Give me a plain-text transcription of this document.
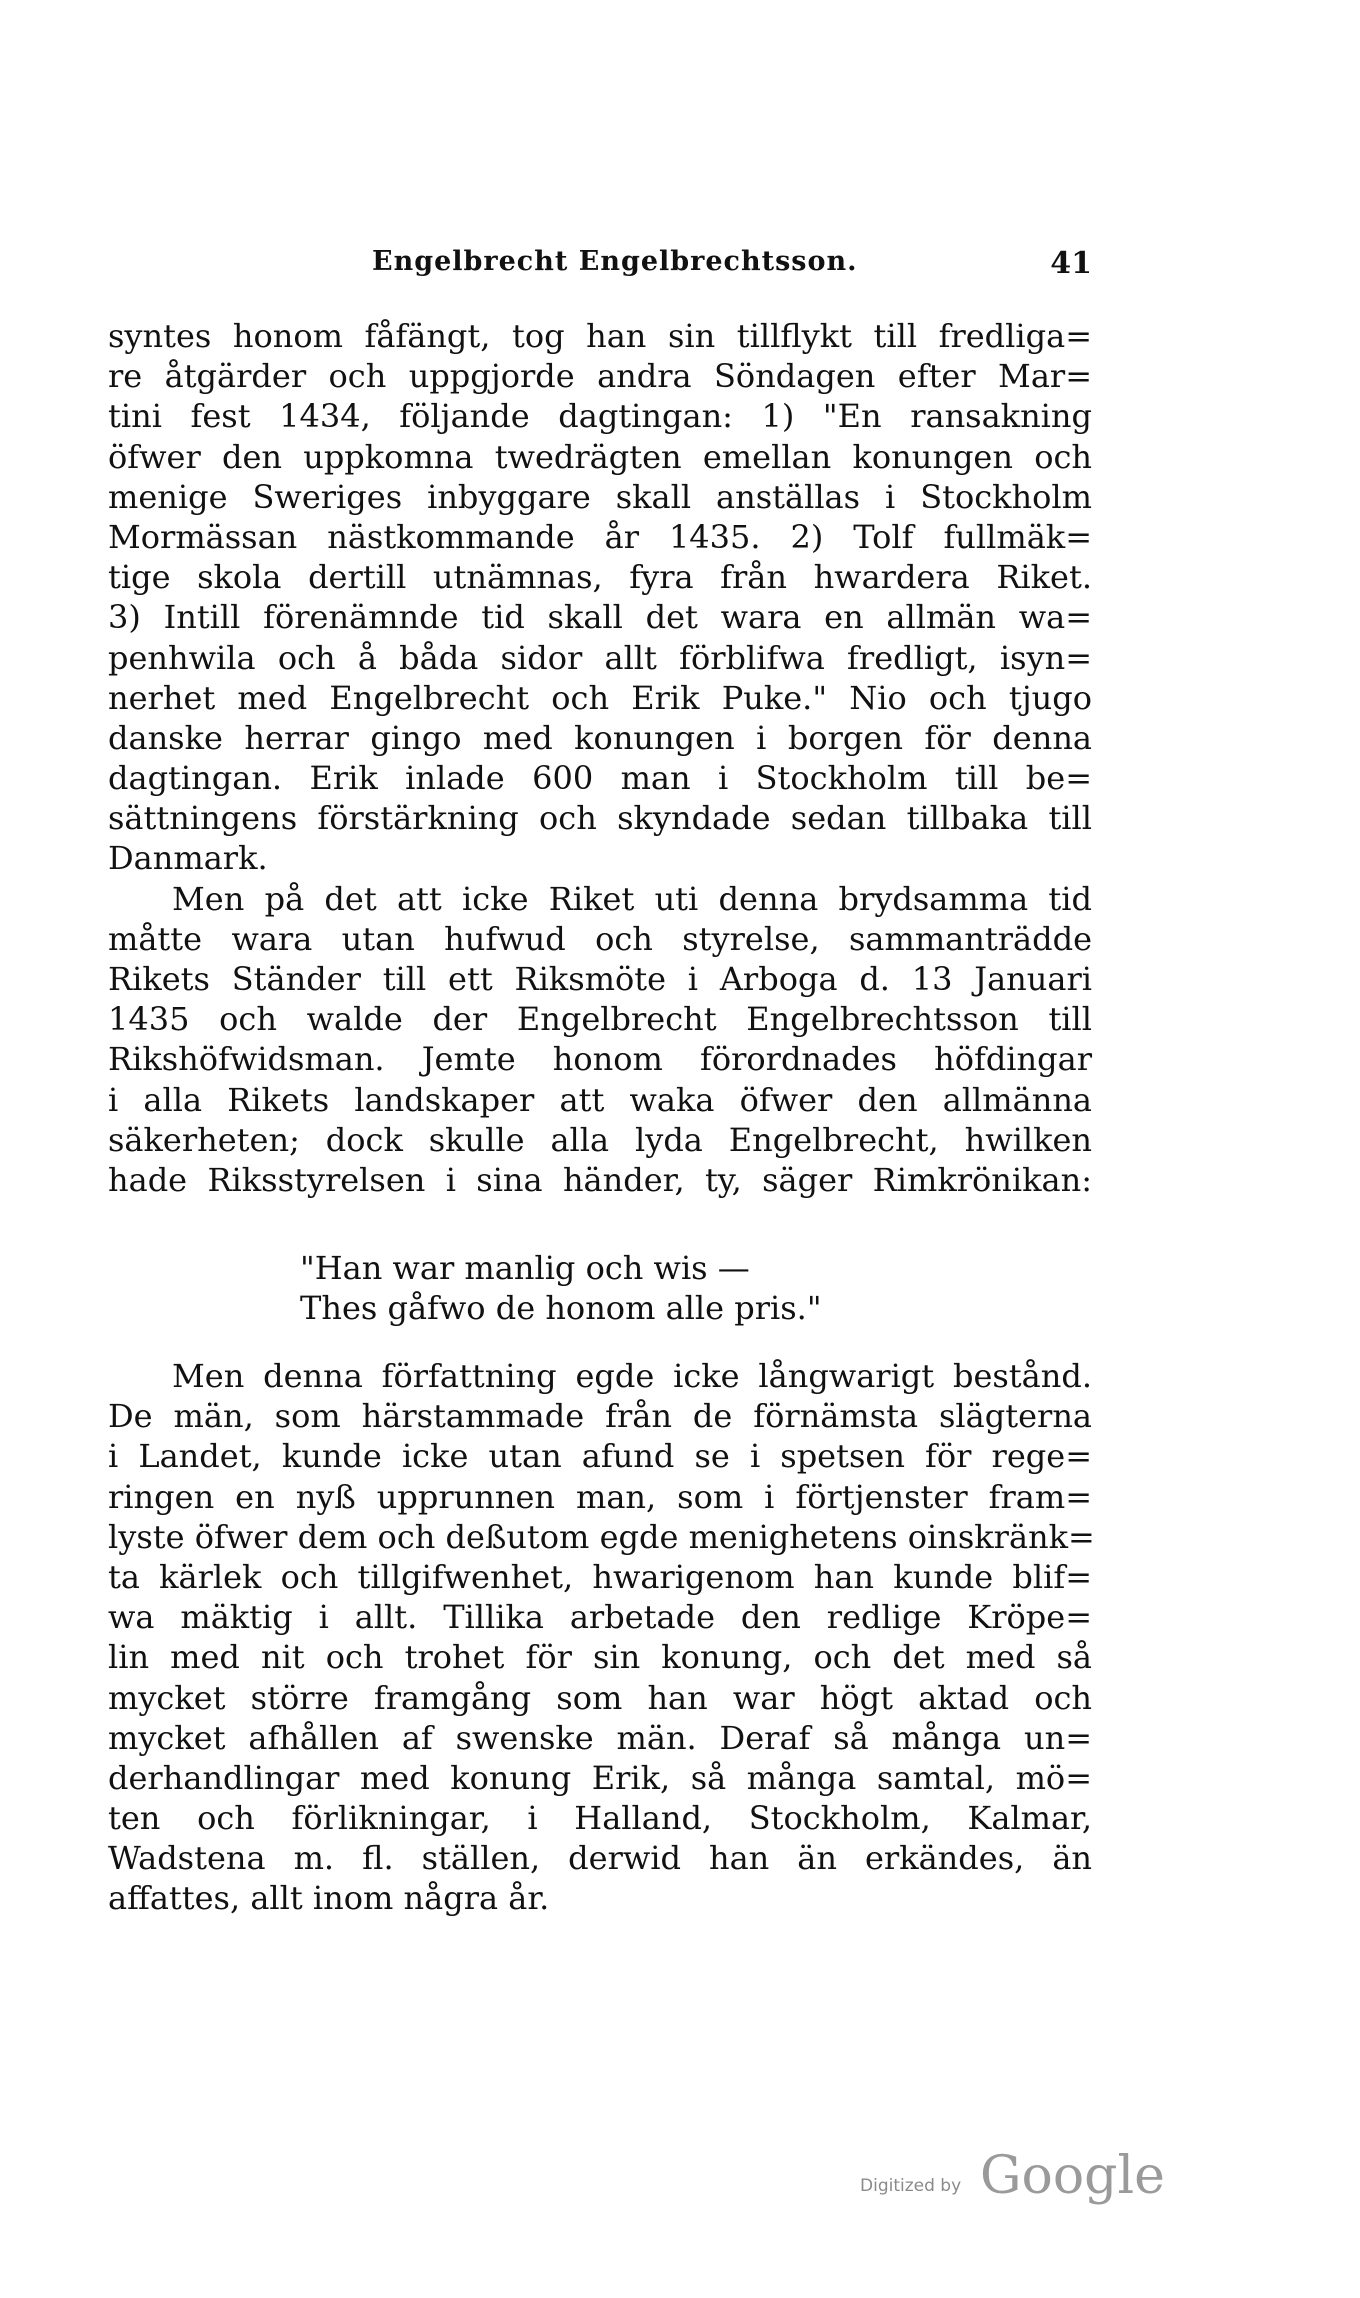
Engelbrecht Engelbrechtsson.	41
syntes honom fåfängt, tog han sin tillflykt till fredliga=
re åtgärder och uppgjorde andra Söndagen efter Mar=
tini fest 1434, följande dagtingan: 1) "En ransakning
öfwer den uppkomna twedrägten emellan konungen och
menige Sweriges inbyggare skall anställas i Stockholm
Mormässan nästkommande år 1435. 2) Tolf fullmäk=
tige skola dertill utnämnas, fyra från hwardera Riket.
3) Intill förenämnde tid skall det wara en allmän wa=
penhwila och å båda sidor allt förblifwa fredligt, isyn=
nerhet med Engelbrecht och Erik Puke." Nio och tjugo
danske herrar gingo med konungen i borgen för denna
dagtingan. Erik inlade 600 man i Stockholm till be=
sättningens förstärkning och skyndade sedan tillbaka till
Danmark.
Men på det att icke Riket uti denna brydsamma tid
måtte wara utan hufwud och styrelse, sammanträdde
Rikets Ständer till ett Riksmöte i Arboga d. 13 Januari
1435 och walde der Engelbrecht Engelbrechtsson till
Rikshöfwidsman. Jemte honom förordnades höfdingar
i alla Rikets landskaper att waka öfwer den allmänna
säkerheten; dock skulle alla lyda Engelbrecht, hwilken
hade Riksstyrelsen i sina händer, ty, säger Rimkrönikan:
"Han war manlig och wis —
Thes gåfwo de honom alle pris."
Men denna författning egde icke långwarigt bestånd.
De män, som härstammade från de förnämsta slägterna
i Landet, kunde icke utan afund se i spetsen för rege=
ringen en nyß upprunnen man, som i förtjenster fram=
lyste öfwer dem och deßutom egde menighetens oinskränk=
ta kärlek och tillgifwenhet, hwarigenom han kunde blif=
wa mäktig i allt. Tillika arbetade den redlige Kröpe=
lin med nit och trohet för sin konung, och det med så
mycket större framgång som han war högt aktad och
mycket afhållen af swenske män. Deraf så många un=
derhandlingar med konung Erik, så många samtal, mö=
ten och förlikningar, i Halland, Stockholm, Kalmar,
Wadstena m. fl. ställen, derwid han än erkändes, än
affattes, allt inom några år.
Digitized by Google
